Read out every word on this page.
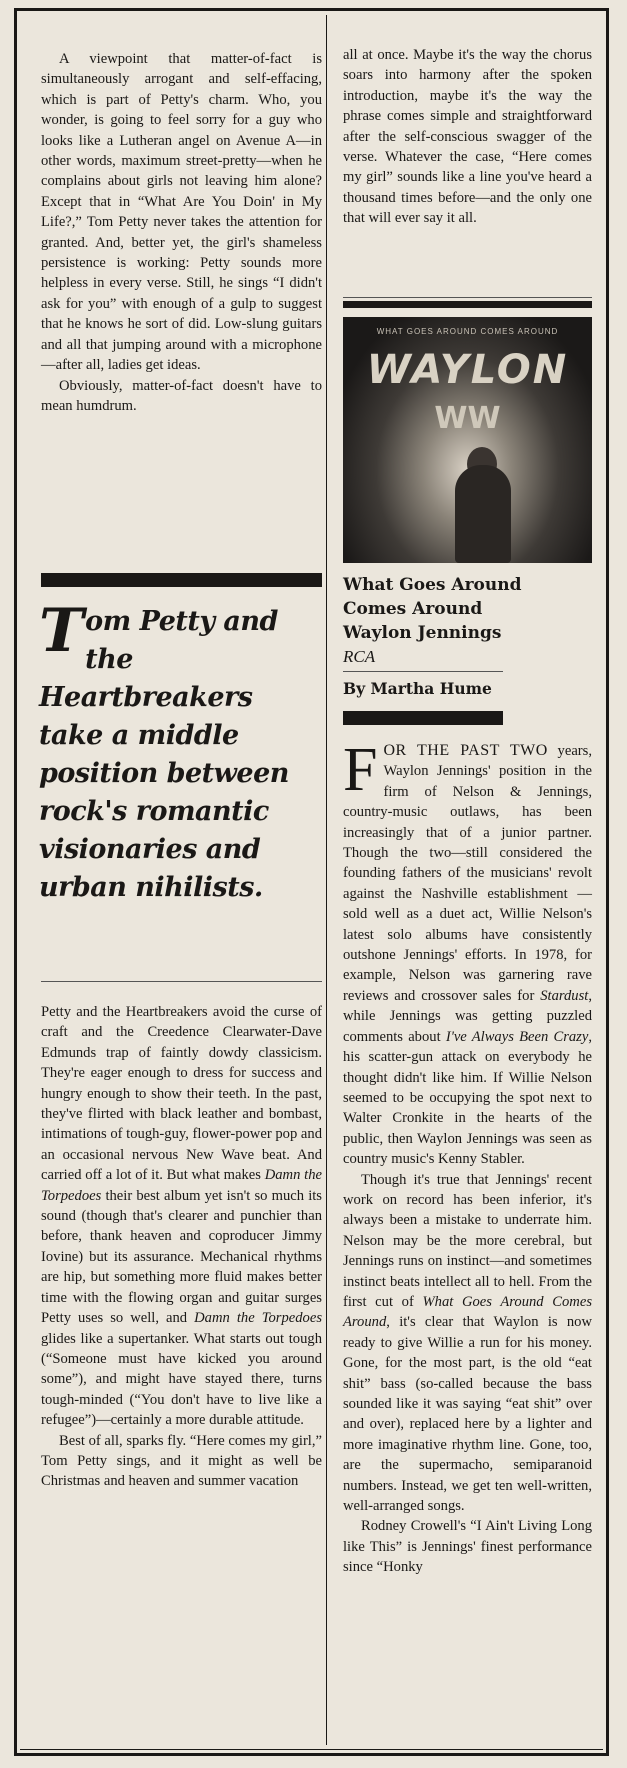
A viewpoint that matter-of-fact is simultaneously arrogant and self-effacing, which is part of Petty's charm. Who, you wonder, is going to feel sorry for a guy who looks like a Lutheran angel on Avenue A—in other words, maximum street-pretty—when he complains about girls not leaving him alone? Except that in “What Are You Doin' in My Life?,” Tom Petty never takes the attention for granted. And, better yet, the girl's shameless persistence is working: Petty sounds more helpless in every verse. Still, he sings “I didn't ask for you” with enough of a gulp to suggest that he knows he sort of did. Low-slung guitars and all that jumping around with a microphone—after all, ladies get ideas.

Obviously, matter-of-fact doesn't have to mean humdrum.

Tom Petty and the Heartbreakers take a middle position between rock's romantic visionaries and urban nihilists.

Petty and the Heartbreakers avoid the curse of craft and the Creedence Clearwater-Dave Edmunds trap of faintly dowdy classicism. They're eager enough to dress for success and hungry enough to show their teeth. In the past, they've flirted with black leather and bombast, intimations of tough-guy, flower-power pop and an occasional nervous New Wave beat. And carried off a lot of it. But what makes Damn the Torpedoes their best album yet isn't so much its sound (though that's clearer and punchier than before, thank heaven and coproducer Jimmy Iovine) but its assurance. Mechanical rhythms are hip, but something more fluid makes better time with the flowing organ and guitar surges Petty uses so well, and Damn the Torpedoes glides like a supertanker. What starts out tough (“Someone must have kicked you around some”), and might have stayed there, turns tough-minded (“You don't have to live like a refugee”)—certainly a more durable attitude.

Best of all, sparks fly. “Here comes my girl,” Tom Petty sings, and it might as well be Christmas and heaven and summer vacation

all at once. Maybe it's the way the chorus soars into harmony after the spoken introduction, maybe it's the way the phrase comes simple and straightforward after the self-conscious swagger of the verse. Whatever the case, “Here comes my girl” sounds like a line you've heard a thousand times before—and the only one that will ever say it all.

WHAT GOES AROUND COMES AROUND
WAYLON
WW
What Goes Around
Comes Around
Waylon Jennings
RCA
By Martha Hume

FOR THE PAST TWO years, Waylon Jennings' position in the firm of Nelson & Jennings, country-music outlaws, has been increasingly that of a junior partner. Though the two—still considered the founding fathers of the musicians' revolt against the Nashville establishment — sold well as a duet act, Willie Nelson's latest solo albums have consistently outshone Jennings' efforts. In 1978, for example, Nelson was garnering rave reviews and crossover sales for Stardust, while Jennings was getting puzzled comments about I've Always Been Crazy, his scatter-gun attack on everybody he thought didn't like him. If Willie Nelson seemed to be occupying the spot next to Walter Cronkite in the hearts of the public, then Waylon Jennings was seen as country music's Kenny Stabler.

Though it's true that Jennings' recent work on record has been inferior, it's always been a mistake to underrate him. Nelson may be the more cerebral, but Jennings runs on instinct—and sometimes instinct beats intellect all to hell. From the first cut of What Goes Around Comes Around, it's clear that Waylon is now ready to give Willie a run for his money. Gone, for the most part, is the old “eat shit” bass (so-called because the bass sounded like it was saying “eat shit” over and over), replaced here by a lighter and more imaginative rhythm line. Gone, too, are the supermacho, semiparanoid numbers. Instead, we get ten well-written, well-arranged songs.

Rodney Crowell's “I Ain't Living Long like This” is Jennings' finest performance since “Honky
